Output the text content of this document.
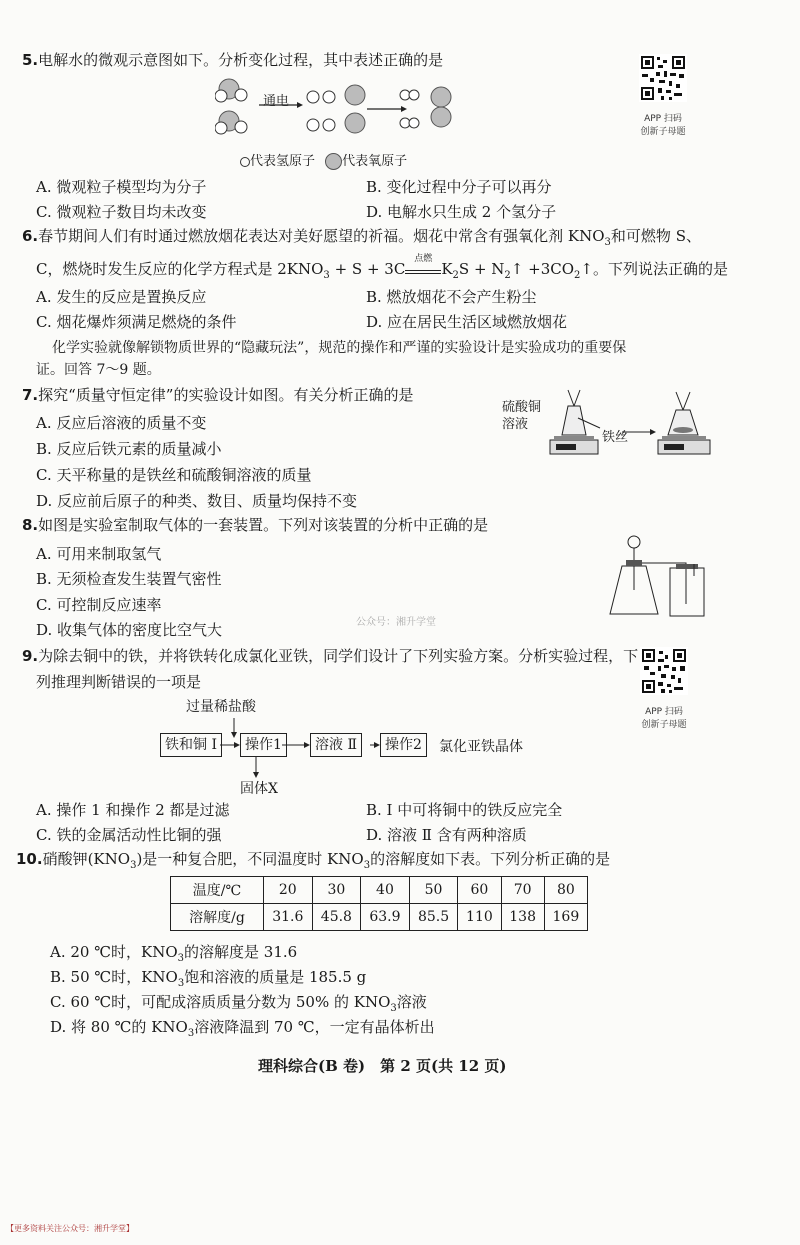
5.电解水的微观示意图如下。分析变化过程，其中表述正确的是
APP 扫码
创新子母题
通电
代表氢原子 代表氧原子
A. 微观粒子模型均为分子	B. 变化过程中分子可以再分
C. 微观粒子数目均未改变	D. 电解水只生成 2 个氢分子
6.春节期间人们有时通过燃放烟花表达对美好愿望的祈福。烟花中常含有强氧化剂 $KNO_3$和可燃物 S、
C，燃烧时发生反应的化学方程式是 $2KNO_3 + S + 3C$
点燃
$K_2S$ + $N_2↑$ $+3CO_2↑$。下列说法正确的是
A. 发生的反应是置换反应	B. 燃放烟花不会产生粉尘
C. 烟花爆炸须满足燃烧的条件	D. 应在居民生活区域燃放烟花
化学实验就像解锁物质世界的“隐藏玩法”，规范的操作和严谨的实验设计是实验成功的重要保
证。回答 7～9 题。
7.探究“质量守恒定律”的实验设计如图。有关分析正确的是
A. 反应后溶液的质量不变
B. 反应后铁元素的质量减小
C. 天平称量的是铁丝和硫酸铜溶液的质量
D. 反应前后原子的种类、数目、质量均保持不变
硫酸铜
溶液
铁丝
8.如图是实验室制取气体的一套装置。下列对该装置的分析中正确的是
A. 可用来制取氢气
B. 无须检查发生装置气密性
C. 可控制反应速率
D. 收集气体的密度比空气大	公众号：湘升学堂
9.为除去铜中的铁，并将铁转化成氯化亚铁，同学们设计了下列实验方案。分析实验过程，下
列推理判断错误的一项是
APP 扫码
创新子母题
过量稀盐酸
铁和铜 Ⅰ	操作1	溶液 Ⅱ	操作2	氯化亚铁晶体
固体X
A. 操作 1 和操作 2 都是过滤	B. Ⅰ 中可将铜中的铁反应完全
C. 铁的金属活动性比铜的强	D. 溶液 Ⅱ 含有两种溶质
10.硝酸钾$(KNO_3)$是一种复合肥，不同温度时 $KNO_3$的溶解度如下表。下列分析正确的是
温度/℃	20	30	40	50	60	70	80
溶解度/g	31.6	45.8	63.9	85.5	110	138	169
A. 20 ℃时，$KNO_3$的溶解度是 31.6
B. 50 ℃时，$KNO_3$饱和溶液的质量是 185.5 g
C. 60 ℃时，可配成溶质质量分数为 50% 的 $KNO_3$溶液
D. 将 80 ℃的 $KNO_3$溶液降温到 70 ℃，一定有晶体析出
理科综合(B 卷)　第 2 页(共 12 页)
【更多资料关注公众号：湘升学堂】
